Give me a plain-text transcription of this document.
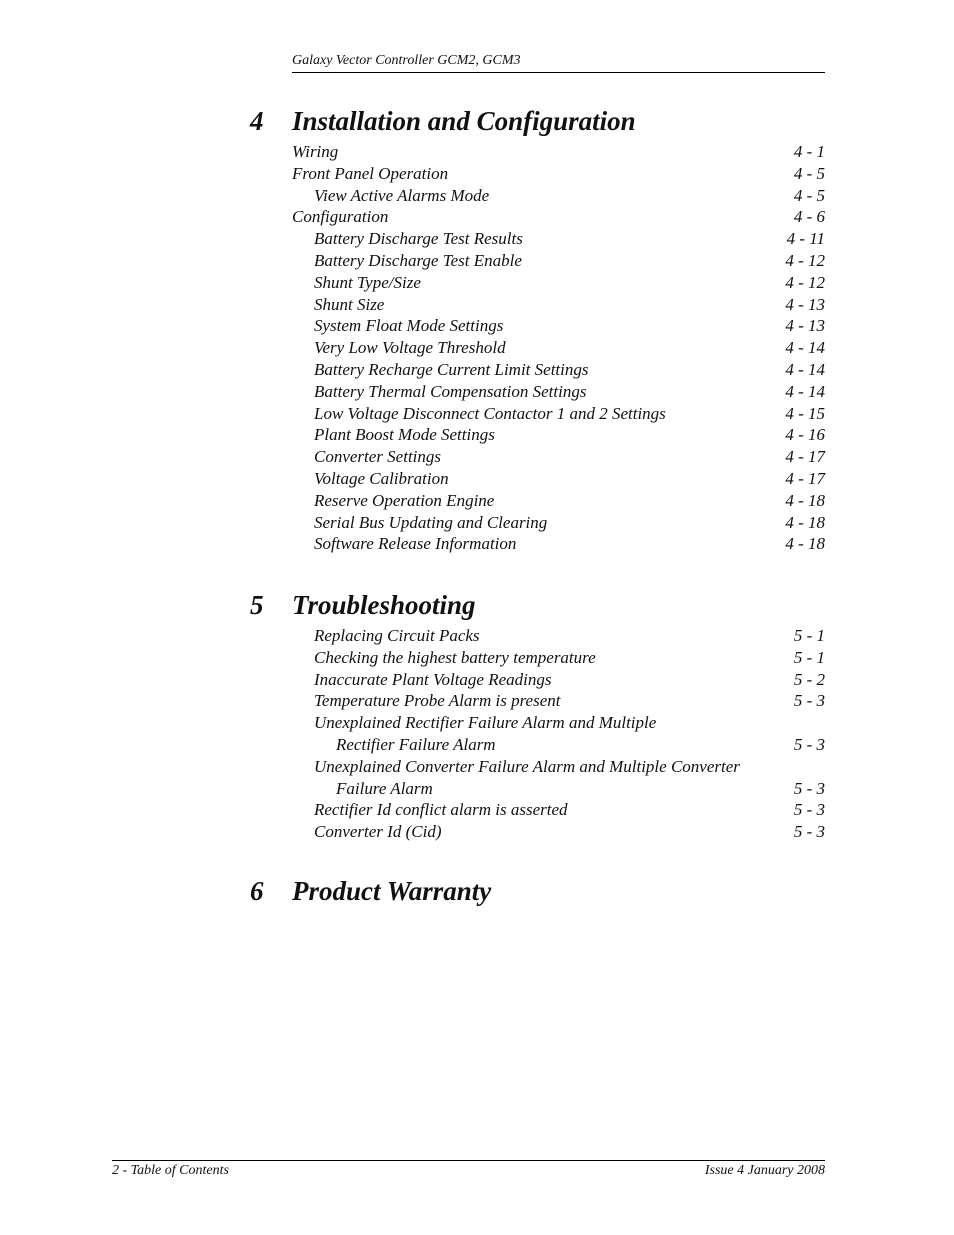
Galaxy Vector Controller GCM2, GCM3
4	Installation and Configuration
Wiring	4 - 1
Front Panel Operation	4 - 5
View Active Alarms Mode	4 - 5
Configuration	4 - 6
Battery Discharge Test Results	4 - 11
Battery Discharge Test Enable	4 - 12
Shunt Type/Size	4 - 12
Shunt Size	4 - 13
System Float Mode Settings	4 - 13
Very Low Voltage Threshold	4 - 14
Battery Recharge Current Limit Settings	4 - 14
Battery Thermal Compensation Settings	4 - 14
Low Voltage Disconnect Contactor 1 and 2 Settings	4 - 15
Plant Boost Mode Settings	4 - 16
Converter Settings	4 - 17
Voltage Calibration	4 - 17
Reserve Operation Engine	4 - 18
Serial Bus Updating and Clearing	4 - 18
Software Release Information	4 - 18
5	Troubleshooting
Replacing Circuit Packs	5 - 1
Checking the highest battery temperature	5 - 1
Inaccurate Plant Voltage Readings	5 - 2
Temperature Probe Alarm is present	5 - 3
Unexplained Rectifier Failure Alarm and Multiple
Rectifier Failure Alarm	5 - 3
Unexplained Converter Failure Alarm and Multiple Converter
Failure Alarm	5 - 3
Rectifier Id conflict alarm is asserted	5 - 3
Converter Id (Cid)	5 - 3
6	Product Warranty
2 - Table of Contents	Issue 4 January 2008
